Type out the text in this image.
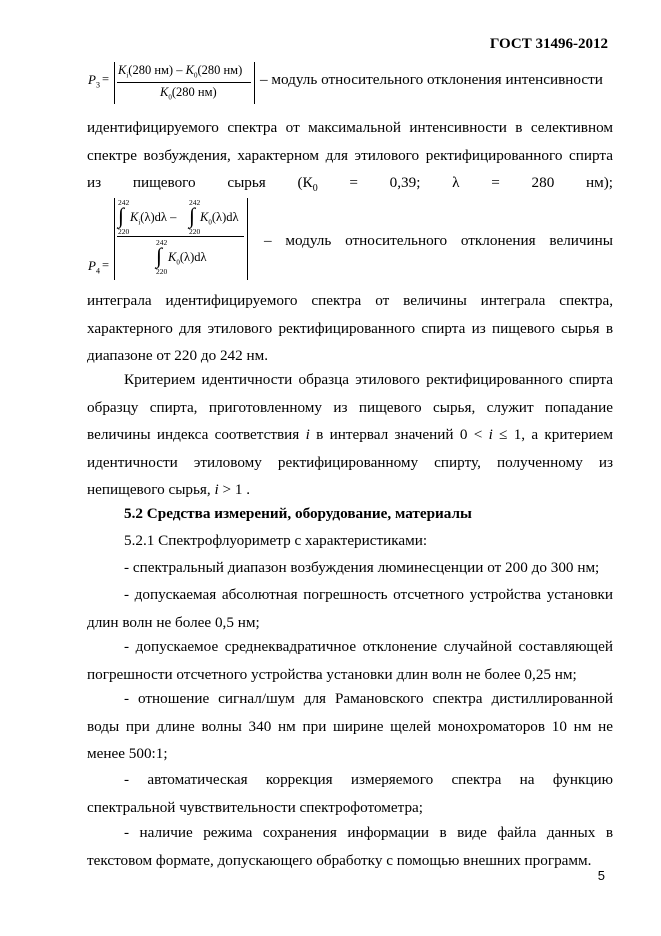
ГОСТ 31496-2012
$P_3$ =
$K_i(280$ $нм) - K_0(280$ нм)
$K_0(280$ нм)
– модуль относительного отклонения интенсивности
идентифицируемого спектра от максимальной интенсивности в селективном спектре возбуждения, характерном для этилового ректифицированного спирта из пищевого сырья ($К_0 = 0,39$; λ = 280 нм);
$P_4$ =
242
∫
220
$K_i(\lambda)d\lambda$ –
242
∫
220
$K_0(\lambda)d\lambda$
242
∫
220
$K_0(\lambda)d\lambda$
– модуль относительного отклонения величины
интеграла идентифицируемого спектра от величины интеграла спектра, характерного для этилового ректифицированного спирта из пищевого сырья в диапазоне от 220 до 242 нм.
Критерием идентичности образца этилового ректифицированного спирта образцу спирта, приготовленному из пищевого сырья, служит попадание величины индекса соответствия i в интервал значений 0 < i ≤ 1, а критерием идентичности этиловому ректифицированному спирту, полученному из непищевого сырья, i > 1 .
5.2 Средства измерений, оборудование, материалы
5.2.1 Спектрофлуориметр с характеристиками:
- спектральный диапазон возбуждения люминесценции от 200 до 300 нм;
- допускаемая абсолютная погрешность отсчетного устройства установки длин волн не более 0,5 нм;
- допускаемое среднеквадратичное отклонение случайной составляющей погрешности отсчетного устройства установки длин волн не более 0,25 нм;
- отношение сигнал/шум для Рамановского спектра дистиллированной воды при длине волны 340 нм при ширине щелей монохроматоров 10 нм не менее 500:1;
- автоматическая коррекция измеряемого спектра на функцию спектральной чувствительности спектрофотометра;
- наличие режима сохранения информации в виде файла данных в текстовом формате, допускающего обработку с помощью внешних программ.
5
